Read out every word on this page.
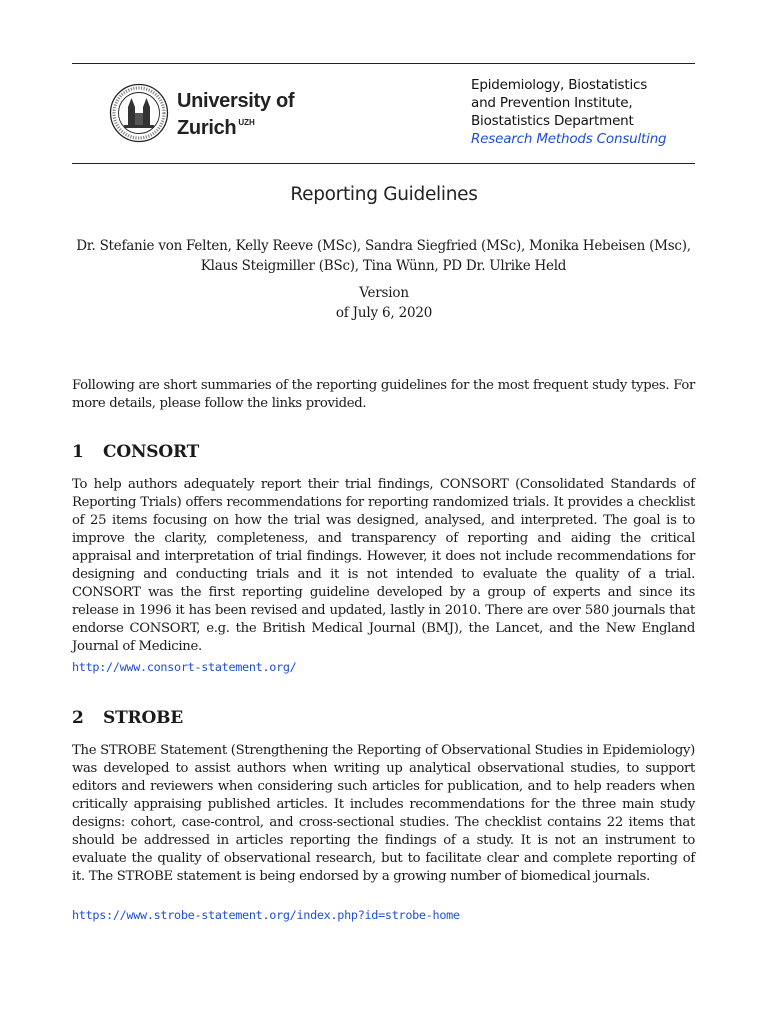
University of
Zurich $^{UZH}$
Epidemiology, Biostatistics
and Prevention Institute,
Biostatistics Department
Research Methods Consulting
Reporting Guidelines
Dr. Stefanie von Felten, Kelly Reeve (MSc), Sandra Siegfried (MSc), Monika Hebeisen (Msc),
Klaus Steigmiller (BSc), Tina Wünn, PD Dr. Ulrike Held
Version
of July 6, 2020
Following are short summaries of the reporting guidelines for the most frequent study types. For more details, please follow the links provided.
1 CONSORT
To help authors adequately report their trial findings, CONSORT (Consolidated Standards of Reporting Trials) offers recommendations for reporting randomized trials. It provides a checklist of 25 items focusing on how the trial was designed, analysed, and interpreted. The goal is to improve the clarity, completeness, and transparency of reporting and aiding the critical appraisal and interpretation of trial findings. However, it does not include recommendations for designing and conducting trials and it is not intended to evaluate the quality of a trial. CONSORT was the first reporting guideline developed by a group of experts and since its release in 1996 it has been revised and updated, lastly in 2010. There are over 580 journals that endorse CONSORT, e.g. the British Medical Journal (BMJ), the Lancet, and the New England Journal of Medicine.
http://www.consort-statement.org/
2 STROBE
The STROBE Statement (Strengthening the Reporting of Observational Studies in Epidemiology) was developed to assist authors when writing up analytical observational studies, to support editors and reviewers when considering such articles for publication, and to help readers when critically appraising published articles. It includes recommendations for the three main study designs: cohort, case-control, and cross-sectional studies. The checklist contains 22 items that should be addressed in articles reporting the findings of a study. It is not an instrument to evaluate the quality of observational research, but to facilitate clear and complete reporting of it. The STROBE statement is being endorsed by a growing number of biomedical journals.
https://www.strobe-statement.org/index.php?id=strobe-home
